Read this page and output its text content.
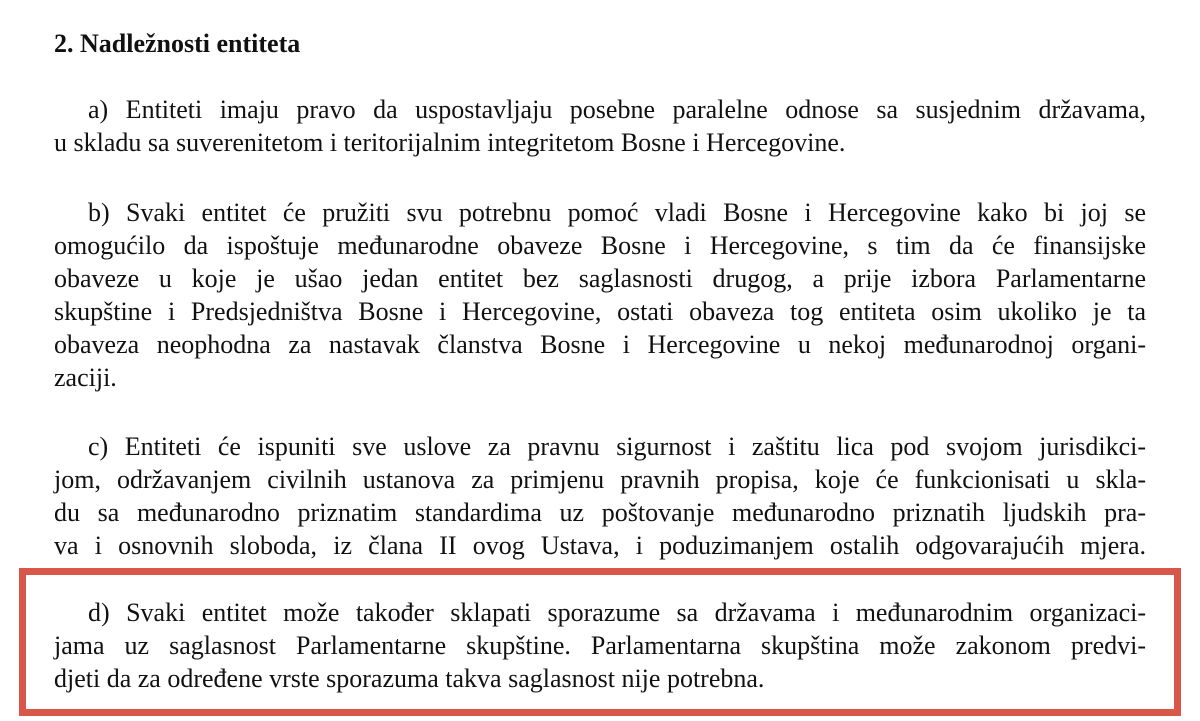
2. Nadležnosti entiteta
a) Entiteti imaju pravo da uspostavljaju posebne paralelne odnose sa susjednim državama,
u skladu sa suverenitetom i teritorijalnim integritetom Bosne i Hercegovine.
b) Svaki entitet će pružiti svu potrebnu pomoć vladi Bosne i Hercegovine kako bi joj se
omogućilo da ispoštuje međunarodne obaveze Bosne i Hercegovine, s tim da će finansijske
obaveze u koje je ušao jedan entitet bez saglasnosti drugog, a prije izbora Parlamentarne
skupštine i Predsjedništva Bosne i Hercegovine, ostati obaveza tog entiteta osim ukoliko je ta
obaveza neophodna za nastavak članstva Bosne i Hercegovine u nekoj međunarodnoj organi-
zaciji.
c) Entiteti će ispuniti sve uslove za pravnu sigurnost i zaštitu lica pod svojom jurisdikci-
jom, održavanjem civilnih ustanova za primjenu pravnih propisa, koje će funkcionisati u skla-
du sa međunarodno priznatim standardima uz poštovanje međunarodno priznatih ljudskih pra-
va i osnovnih sloboda, iz člana II ovog Ustava, i poduzimanjem ostalih odgovarajućih mjera.
d) Svaki entitet može također sklapati sporazume sa državama i međunarodnim organizaci-
jama uz saglasnost Parlamentarne skupštine. Parlamentarna skupština može zakonom predvi-
djeti da za određene vrste sporazuma takva saglasnost nije potrebna.
